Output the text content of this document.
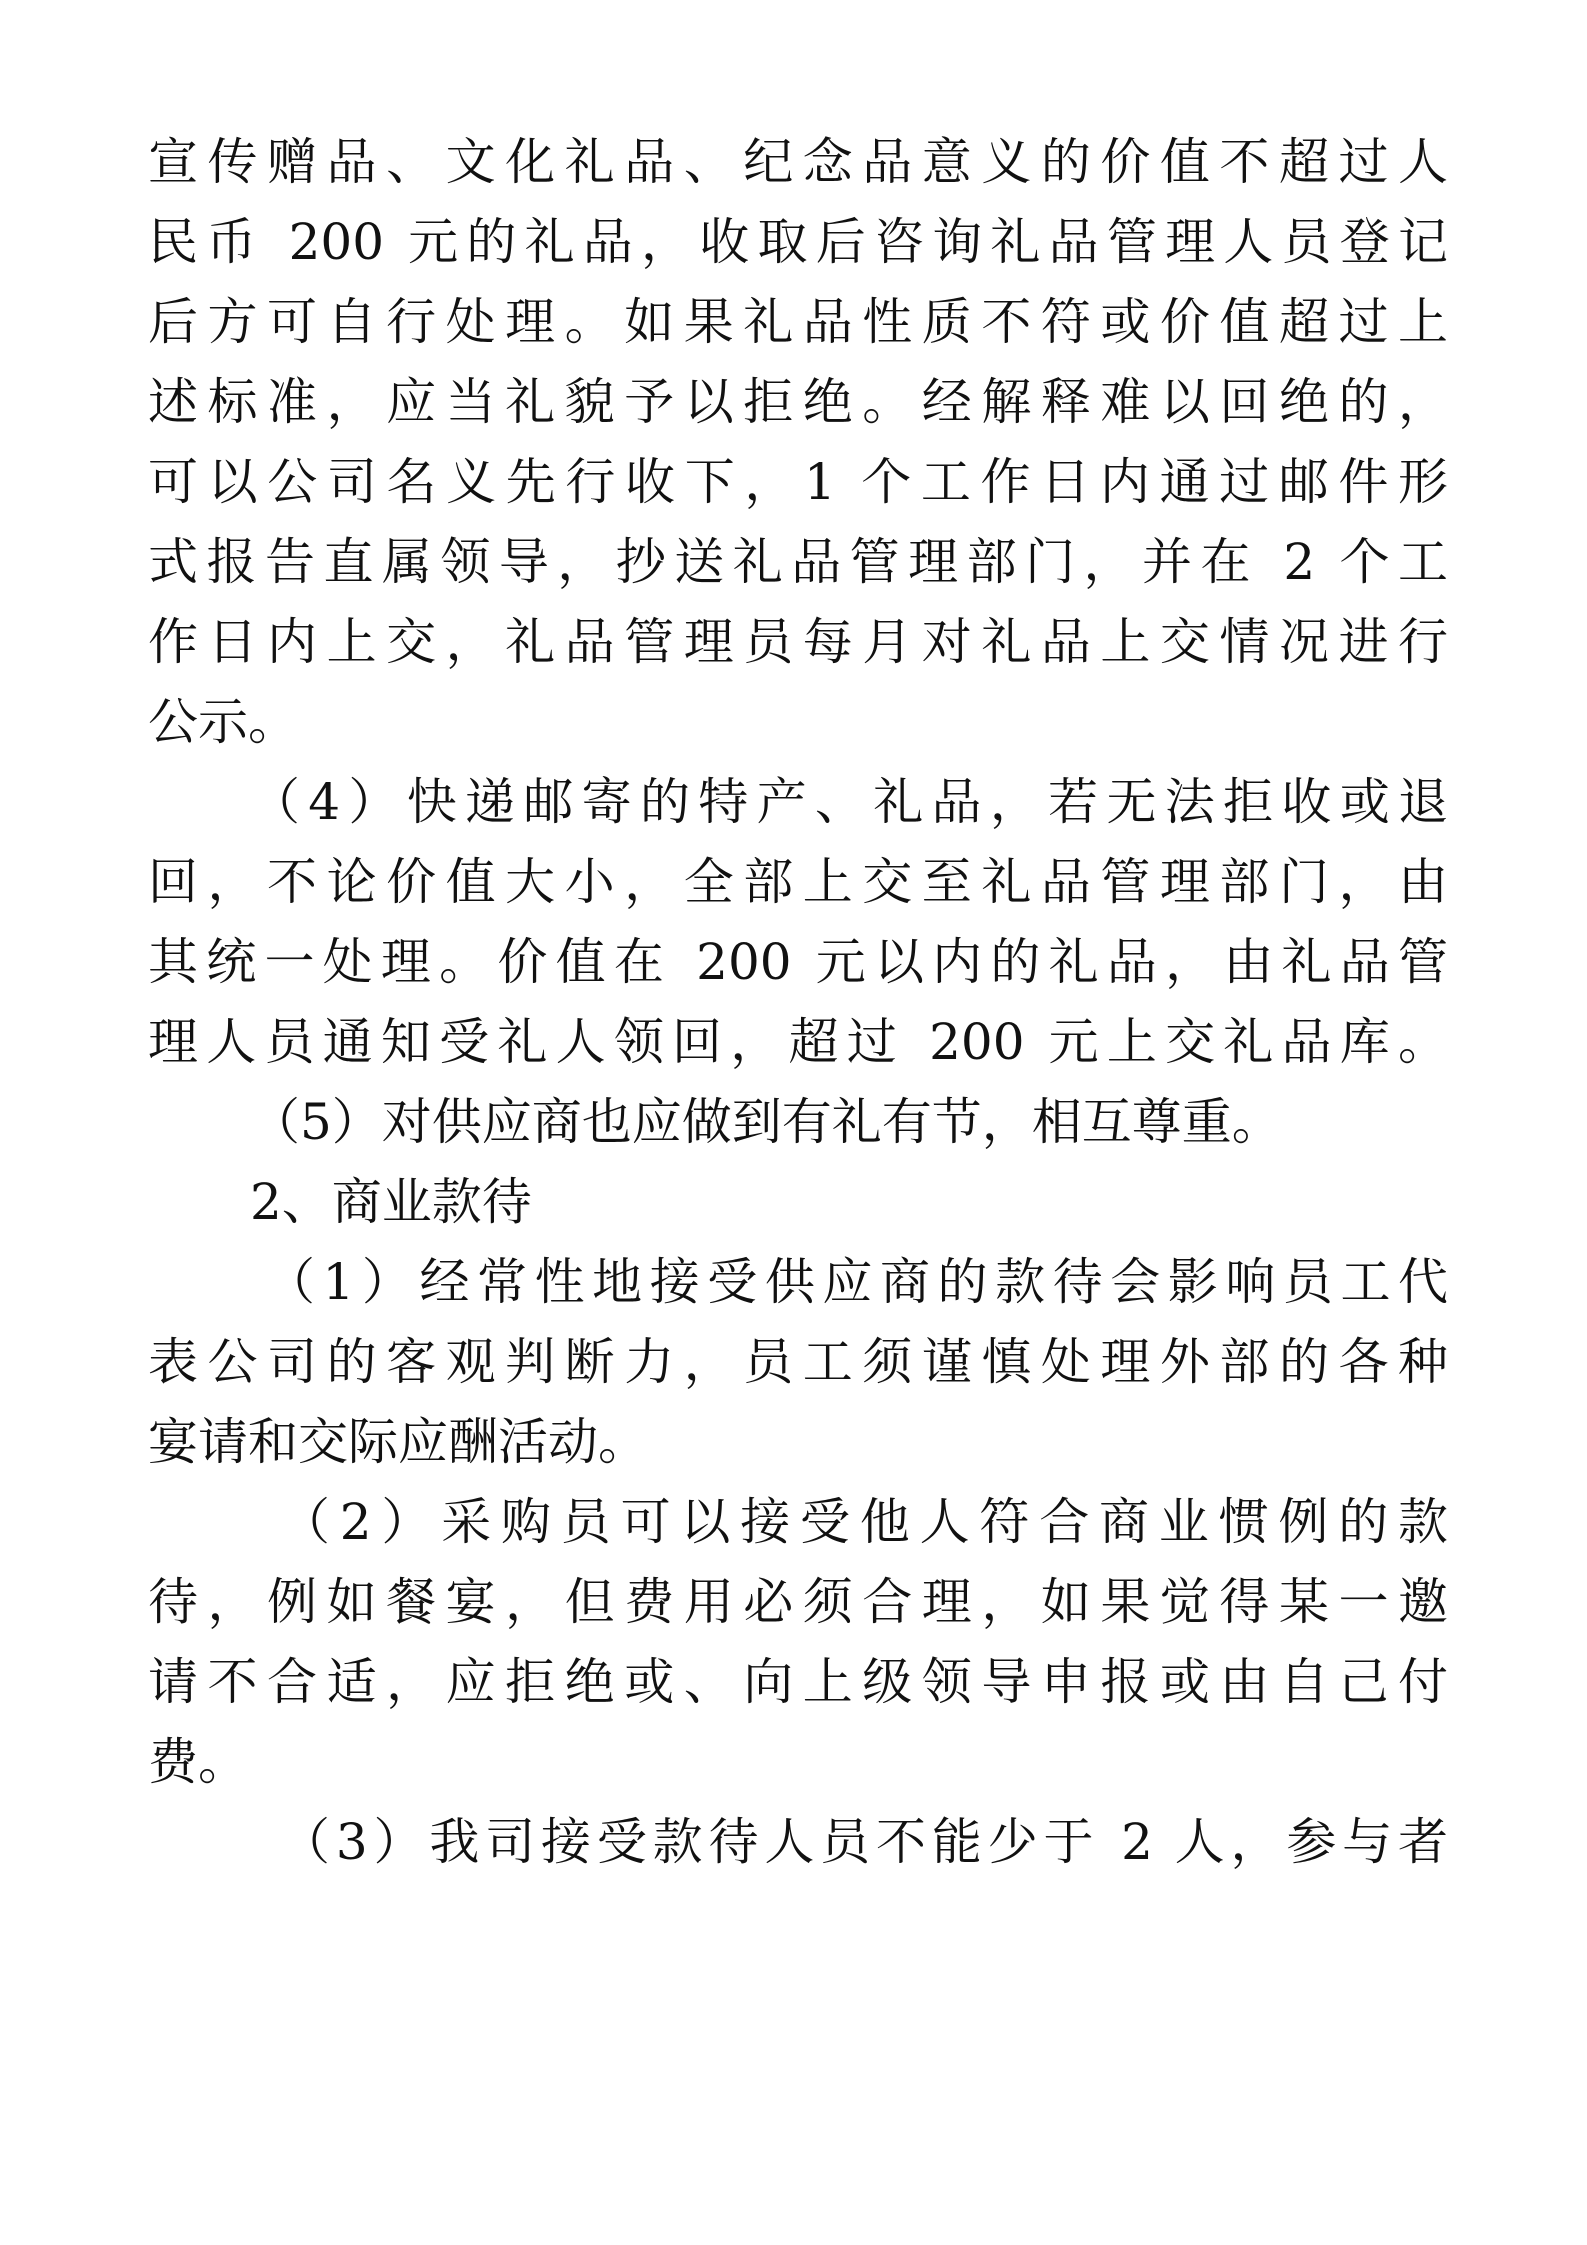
宣传赠品、文化礼品、纪念品意义的价值不超过人
民币 200 元的礼品，收取后咨询礼品管理人员登记
后方可自行处理。如果礼品性质不符或价值超过上
述标准，应当礼貌予以拒绝。经解释难以回绝的，
可以公司名义先行收下，1 个工作日内通过邮件形
式报告直属领导，抄送礼品管理部门，并在 2 个工
作日内上交，礼品管理员每月对礼品上交情况进行
公示。
（4）快递邮寄的特产、礼品，若无法拒收或退
回，不论价值大小，全部上交至礼品管理部门，由
其统一处理。价值在 200 元以内的礼品，由礼品管
理人员通知受礼人领回，超过 200 元上交礼品库。
（5）对供应商也应做到有礼有节，相互尊重。
2、商业款待
（1）经常性地接受供应商的款待会影响员工代
表公司的客观判断力，员工须谨慎处理外部的各种
宴请和交际应酬活动。
（2）采购员可以接受他人符合商业惯例的款
待，例如餐宴，但费用必须合理，如果觉得某一邀
请不合适，应拒绝或、向上级领导申报或由自己付
费。
（3）我司接受款待人员不能少于 2 人，参与者
